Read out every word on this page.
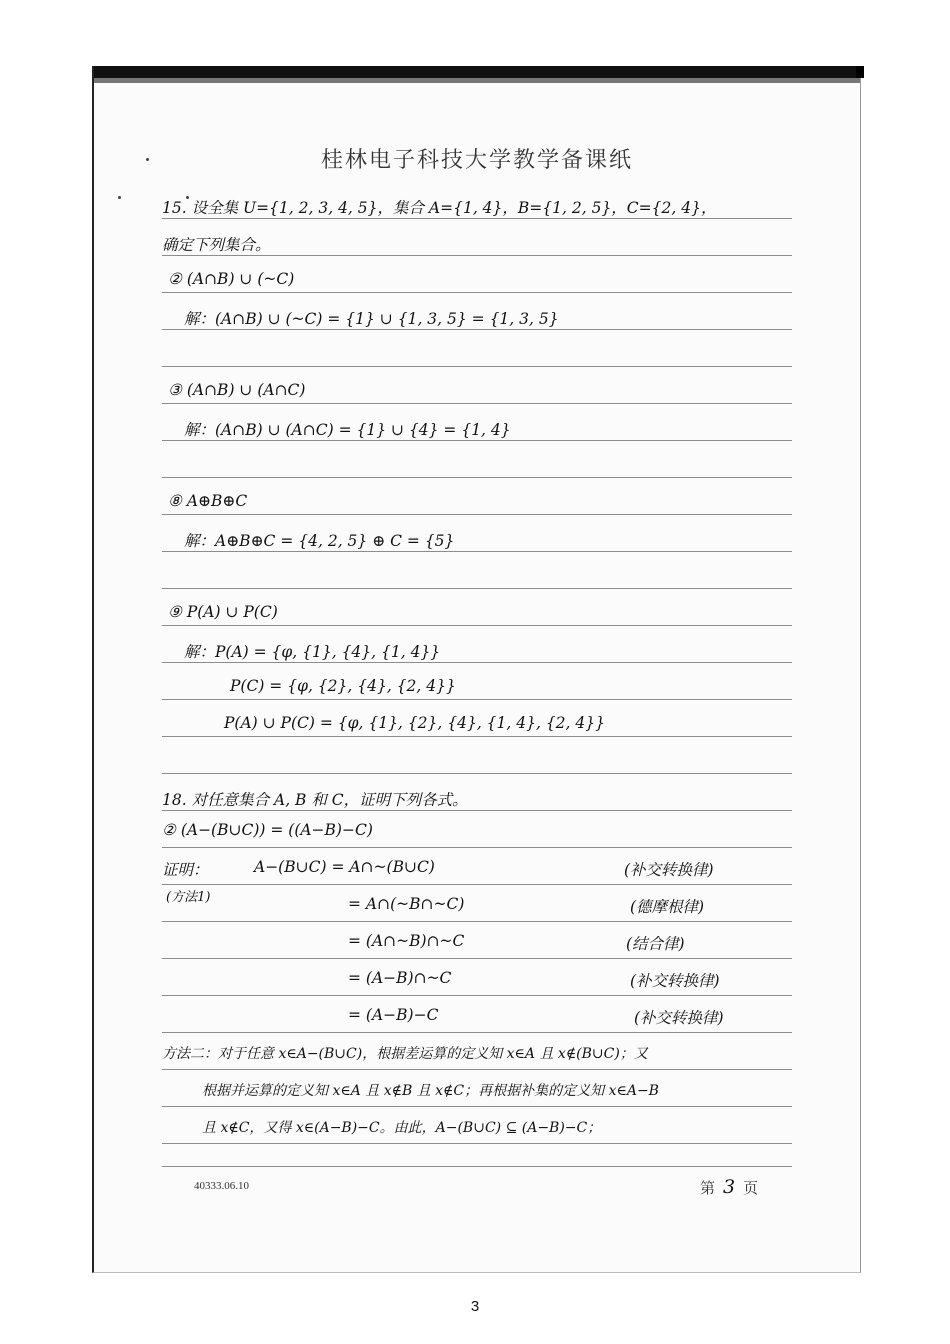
桂林电子科技大学教学备课纸
15. 设全集 U={1, 2, 3, 4, 5}，集合 A={1, 4}，B={1, 2, 5}，C={2, 4}，
确定下列集合。
② (A∩B) ∪ (~C)
解：(A∩B) ∪ (~C) = {1} ∪ {1, 3, 5} = {1, 3, 5}
③ (A∩B) ∪ (A∩C)
解：(A∩B) ∪ (A∩C) = {1} ∪ {4} = {1, 4}
⑧ A⊕B⊕C
解：A⊕B⊕C = {4, 2, 5} ⊕ C = {5}
⑨ P(A) ∪ P(C)
解：P(A) = {φ, {1}, {4}, {1, 4}}
P(C) = {φ, {2}, {4}, {2, 4}}
P(A) ∪ P(C) = {φ, {1}, {2}, {4}, {1, 4}, {2, 4}}
18. 对任意集合 A, B 和 C，证明下列各式。
② (A−(B∪C)) = ((A−B)−C)
证明：	A−(B∪C) = A∩~(B∪C)	(补交转换律)
(方法1)	= A∩(~B∩~C)	(德摩根律)
= (A∩~B)∩~C	(结合律)
= (A−B)∩~C	(补交转换律)
= (A−B)−C	(补交转换律)
方法二：对于任意 x∈A−(B∪C)，根据差运算的定义知 x∈A 且 x∉(B∪C)；又
根据并运算的定义知 x∈A 且 x∉B 且 x∉C；再根据补集的定义知 x∈A−B
且 x∉C，又得 x∈(A−B)−C。由此，A−(B∪C) ⊆ (A−B)−C；
40333.06.10	第 3 页
3
